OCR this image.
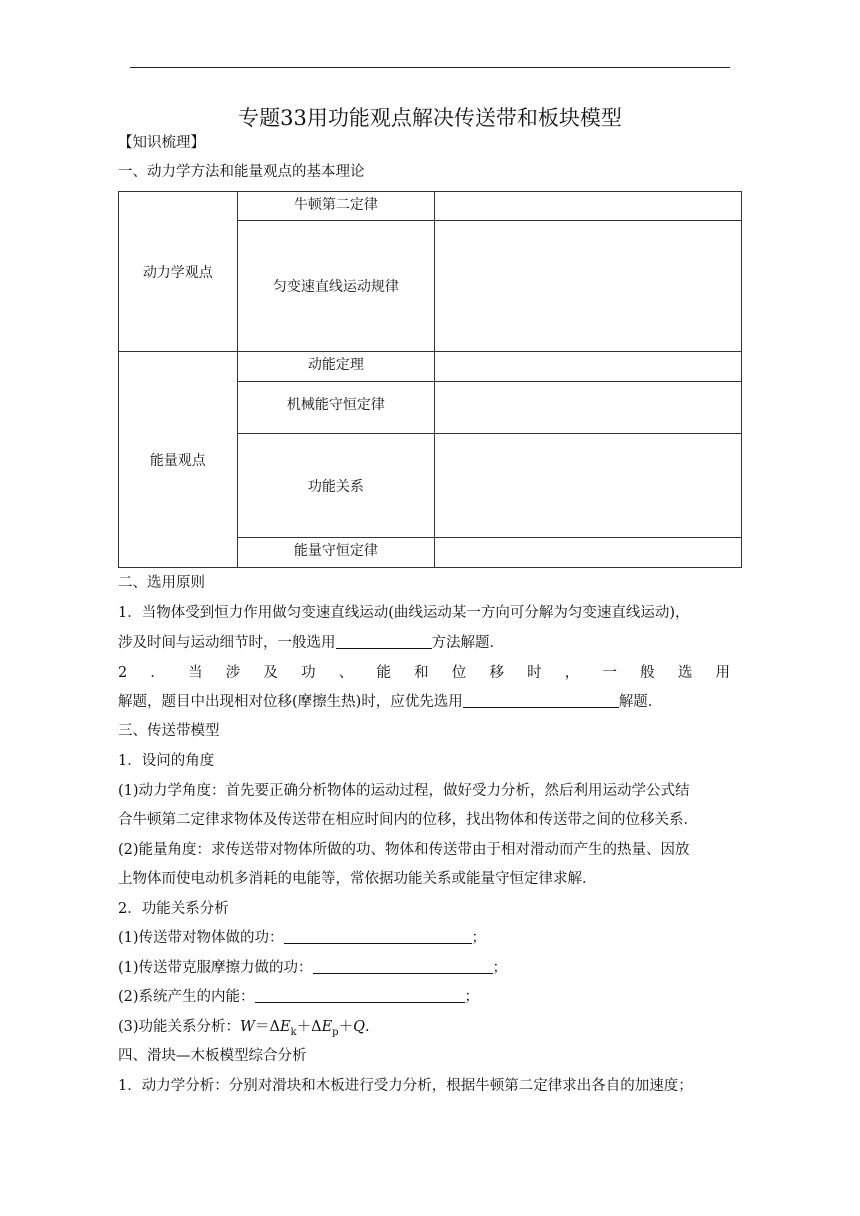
专题33用功能观点解决传送带和板块模型
【知识梳理】
一、动力学方法和能量观点的基本理论
动力学观点	牛顿第二定律	
	匀变速直线运动规律	
能量观点	动能定理	
	机械能守恒定律	
	功能关系	
	能量守恒定律	
二、选用原则
1．当物体受到恒力作用做匀变速直线运动(曲线运动某一方向可分解为匀变速直线运动)，
涉及时间与运动细节时，一般选用	方法解题．
2 ． 当 涉 及 功 、 能 和 位 移 时 ， 一 般 选 用
解题，题目中出现相对位移(摩擦生热)时，应优先选用	解题．
三、传送带模型
1．设问的角度
(1)动力学角度：首先要正确分析物体的运动过程，做好受力分析，然后利用运动学公式结
合牛顿第二定律求物体及传送带在相应时间内的位移，找出物体和传送带之间的位移关系．
(2)能量角度：求传送带对物体所做的功、物体和传送带由于相对滑动而产生的热量、因放
上物体而使电动机多消耗的电能等，常依据功能关系或能量守恒定律求解．
2．功能关系分析
(1)传送带对物体做的功：	；
(1)传送带克服摩擦力做的功：	；
(2)系统产生的内能：	；
(3)功能关系分析：$W=\Delta E_k+\Delta E_p+Q$.
四、滑块—木板模型综合分析
1．动力学分析：分别对滑块和木板进行受力分析，根据牛顿第二定律求出各自的加速度；
